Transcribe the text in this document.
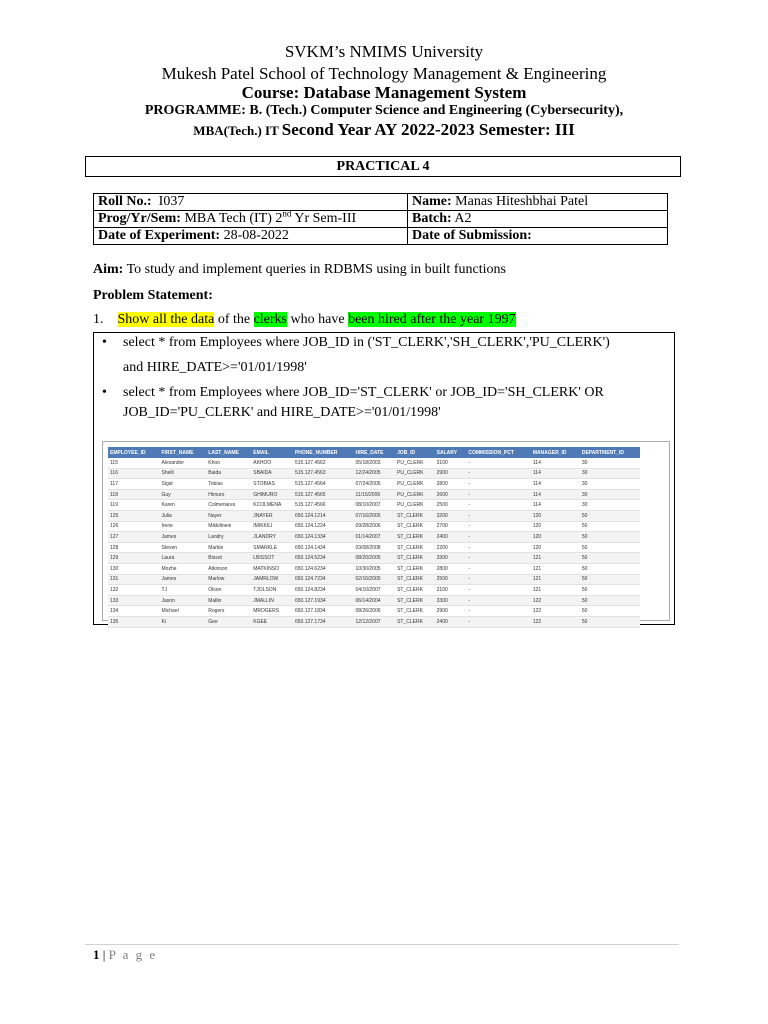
SVKM’s NMIMS University
Mukesh Patel School of Technology Management & Engineering
Course: Database Management System
PROGRAMME: B. (Tech.) Computer Science and Engineering (Cybersecurity),
MBA(Tech.) IT Second Year AY 2022-2023 Semester: III
PRACTICAL 4
Roll No.: I037	Name: Manas Hiteshbhai Patel
Prog/Yr/Sem: MBA Tech (IT) 2nd Yr Sem-III	Batch: A2
Date of Experiment: 28-08-2022	Date of Submission:
Aim: To study and implement queries in RDBMS using in built functions
Problem Statement:
1. Show all the data of the clerks who have been hired after the year 1997
• select * from Employees where JOB_ID in ('ST_CLERK','SH_CLERK','PU_CLERK')
and HIRE_DATE>='01/01/1998'
• select * from Employees where JOB_ID='ST_CLERK' or JOB_ID='SH_CLERK' OR
JOB_ID='PU_CLERK' and HIRE_DATE>='01/01/1998'
EMPLOYEE_ID	FIRST_NAME	LAST_NAME	EMAIL	PHONE_NUMBER	HIRE_DATE	JOB_ID	SALARY	COMMISSION_PCT	MANAGER_ID	DEPARTMENT_ID
115	Alexander	Khoo	AKHOO	515.127.4562	05/18/2003	PU_CLERK	3100	-	114	30
116	Shelli	Baida	SBAIDA	515.127.4563	12/24/2005	PU_CLERK	2900	-	114	30
117	Sigal	Tobias	STOBIAS	515.127.4564	07/24/2005	PU_CLERK	2800	-	114	30
118	Guy	Himuro	GHIMURO	515.127.4565	11/15/2006	PU_CLERK	2600	-	114	30
119	Karen	Colmenares	KCOLMENA	515.127.4566	08/10/2007	PU_CLERK	2500	-	114	30
125	Julia	Nayer	JNAYER	650.124.1214	07/16/2005	ST_CLERK	3200	-	120	50
126	Irene	Mikkilineni	IMIKKILI	650.124.1224	09/28/2006	ST_CLERK	2700	-	120	50
127	James	Landry	JLANDRY	650.124.1334	01/14/2007	ST_CLERK	2400	-	120	50
128	Steven	Markle	SMARKLE	650.124.1434	03/08/2008	ST_CLERK	2200	-	120	50
129	Laura	Bissot	LBISSOT	650.124.5234	08/20/2005	ST_CLERK	3300	-	121	50
130	Mozhe	Atkinson	MATKINSO	650.124.6234	10/30/2005	ST_CLERK	2800	-	121	50
131	James	Marlow	JAMRLOW	650.124.7234	02/16/2005	ST_CLERK	2500	-	121	50
132	TJ	Olson	TJOLSON	650.124.8234	04/10/2007	ST_CLERK	2100	-	121	50
133	Jason	Mallin	JMALLIN	650.127.1934	06/14/2004	ST_CLERK	3300	-	122	50
134	Michael	Rogers	MROGERS	650.127.1834	08/26/2006	ST_CLERK	2900	-	122	50
135	Ki	Gee	KGEE	650.127.1734	12/12/2007	ST_CLERK	2400	-	122	50
1 | P a g e
